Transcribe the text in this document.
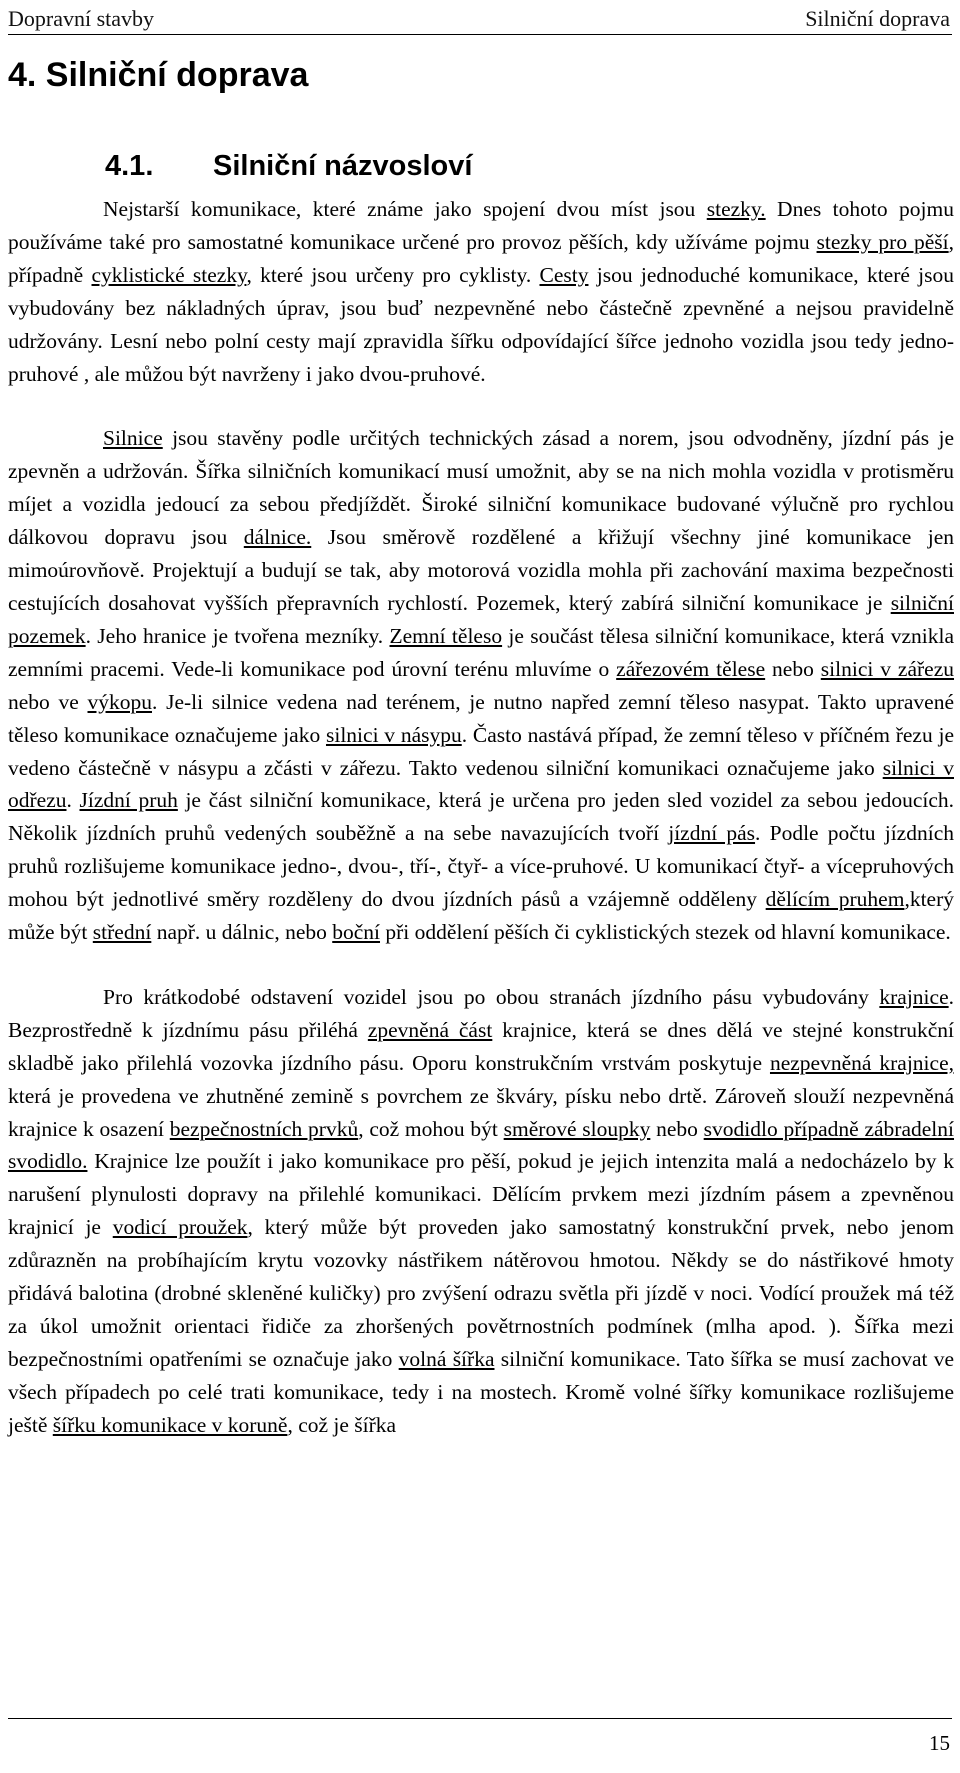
Dopravní stavby	Silniční doprava
4. Silniční doprava
4.1. Silniční názvosloví

Nejstarší komunikace, které známe jako spojení dvou míst jsou stezky. Dnes tohoto pojmu používáme také pro samostatné komunikace určené pro provoz pěších, kdy užíváme pojmu stezky pro pěší, případně cyklistické stezky, které jsou určeny pro cyklisty. Cesty jsou jednoduché komunikace, které jsou vybudovány bez nákladných úprav, jsou buď nezpevněné nebo částečně zpevněné a nejsou pravidelně udržovány. Lesní nebo polní cesty mají zpravidla šířku odpovídající šířce jednoho vozidla jsou tedy jedno-pruhové , ale můžou být navrženy i jako dvou-pruhové.

Silnice jsou stavěny podle určitých technických zásad a norem, jsou odvodněny, jízdní pás je zpevněn a udržován. Šířka silničních komunikací musí umožnit, aby se na nich mohla vozidla v protisměru míjet a vozidla jedoucí za sebou předjíždět. Široké silniční komunikace budované výlučně pro rychlou dálkovou dopravu jsou dálnice. Jsou směrově rozdělené a křižují všechny jiné komunikace jen mimoúrovňově. Projektují a budují se tak, aby motorová vozidla mohla při zachování maxima bezpečnosti cestujících dosahovat vyšších přepravních rychlostí. Pozemek, který zabírá silniční komunikace je silniční pozemek. Jeho hranice je tvořena mezníky. Zemní těleso je součást tělesa silniční komunikace, která vznikla zemními pracemi. Vede-li komunikace pod úrovní terénu mluvíme o zářezovém tělese nebo silnici v zářezu nebo ve výkopu. Je-li silnice vedena nad terénem, je nutno napřed zemní těleso nasypat. Takto upravené těleso komunikace označujeme jako silnici v násypu. Často nastává případ, že zemní těleso v příčném řezu je vedeno částečně v násypu a zčásti v zářezu. Takto vedenou silniční komunikaci označujeme jako silnici v odřezu. Jízdní pruh je část silniční komunikace, která je určena pro jeden sled vozidel za sebou jedoucích. Několik jízdních pruhů vedených souběžně a na sebe navazujících tvoří jízdní pás. Podle počtu jízdních pruhů rozlišujeme komunikace jedno-, dvou-, tří-, čtyř- a více-pruhové. U komunikací čtyř- a vícepruhových mohou být jednotlivé směry rozděleny do dvou jízdních pásů a vzájemně odděleny dělícím pruhem,který může být střední např. u dálnic, nebo boční při oddělení pěších či cyklistických stezek od hlavní komunikace.

Pro krátkodobé odstavení vozidel jsou po obou stranách jízdního pásu vybudovány krajnice. Bezprostředně k jízdnímu pásu přiléhá zpevněná část krajnice, která se dnes dělá ve stejné konstrukční skladbě jako přilehlá vozovka jízdního pásu. Oporu konstrukčním vrstvám poskytuje nezpevněná krajnice, která je provedena ve zhutněné zemině s povrchem ze škváry, písku nebo drtě. Zároveň slouží nezpevněná krajnice k osazení bezpečnostních prvků, což mohou být směrové sloupky nebo svodidlo případně zábradelní svodidlo. Krajnice lze použít i jako komunikace pro pěší, pokud je jejich intenzita malá a nedocházelo by k narušení plynulosti dopravy na přilehlé komunikaci. Dělícím prvkem mezi jízdním pásem a zpevněnou krajnicí je vodicí proužek, který může být proveden jako samostatný konstrukční prvek, nebo jenom zdůrazněn na probíhajícím krytu vozovky nástřikem nátěrovou hmotou. Někdy se do nástřikové hmoty přidává balotina (drobné skleněné kuličky) pro zvýšení odrazu světla při jízdě v noci. Vodící proužek má též za úkol umožnit orientaci řidiče za zhoršených povětrnostních podmínek (mlha apod. ). Šířka mezi bezpečnostními opatřeními se označuje jako volná šířka silniční komunikace. Tato šířka se musí zachovat ve všech případech po celé trati komunikace, tedy i na mostech. Kromě volné šířky komunikace rozlišujeme ještě šířku komunikace v koruně, což je šířka

15
